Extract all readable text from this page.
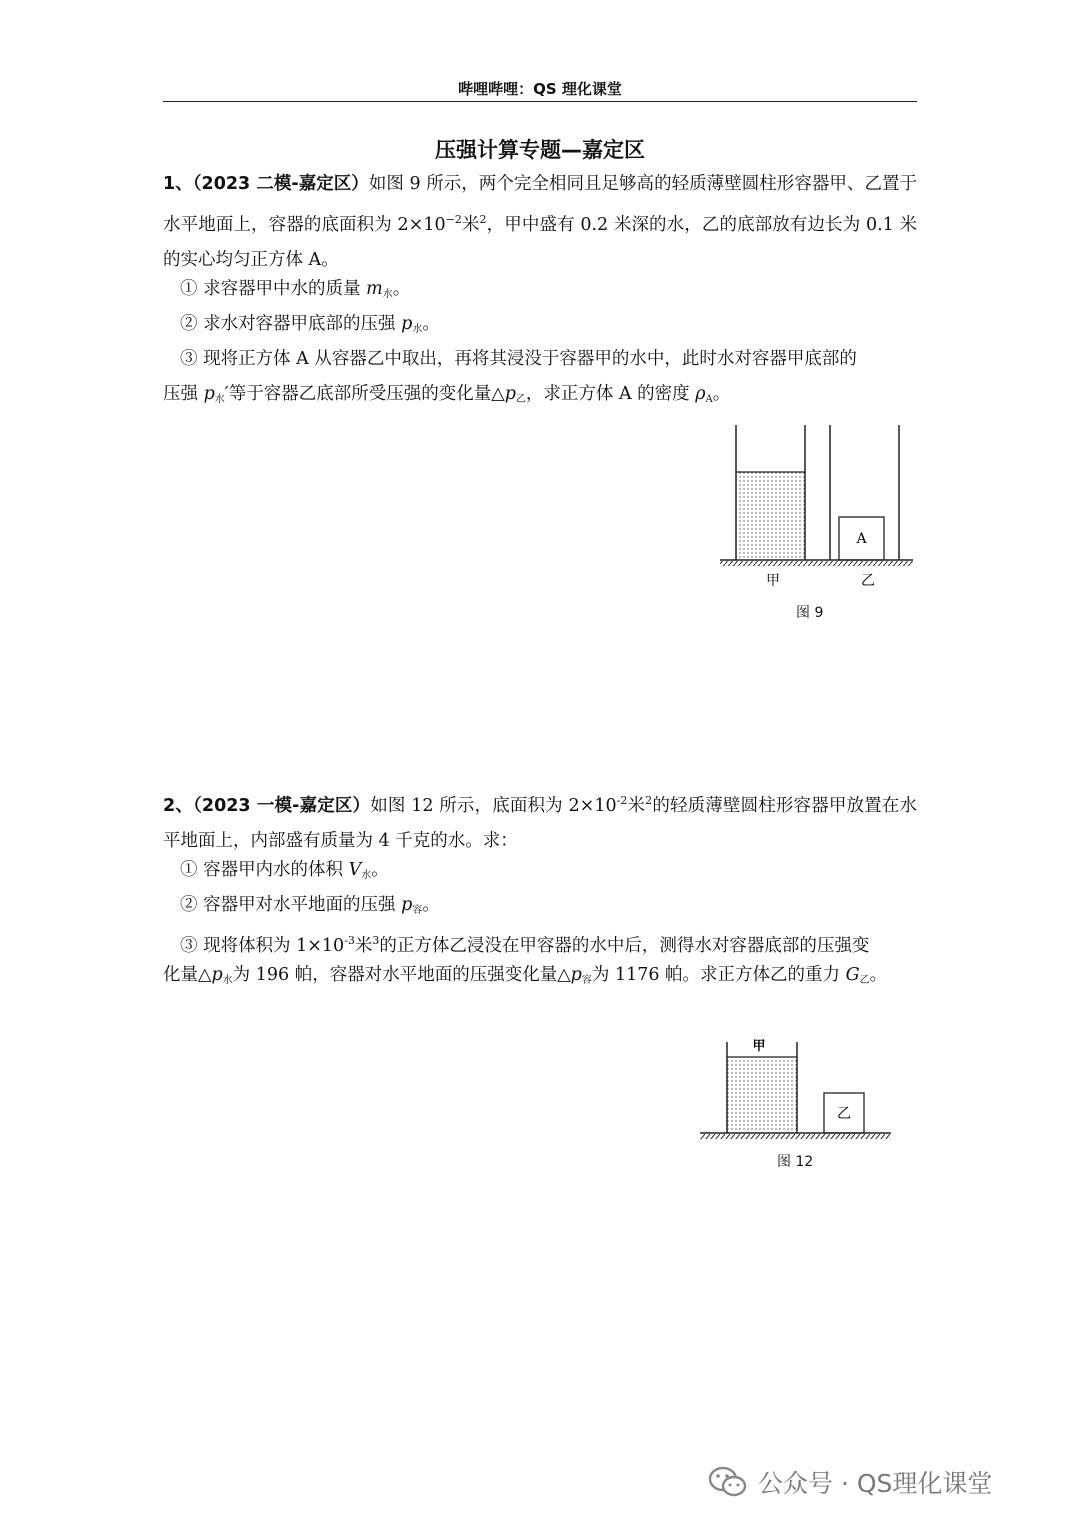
哔哩哔哩：QS 理化课堂
压强计算专题—嘉定区
1、（2023 二模-嘉定区）如图 9 所示，两个完全相同且足够高的轻质薄壁圆柱形容器甲、乙置于水平地面上，容器的底面积为 $2\times 10^{-2}$米$^2$，甲中盛有 0.2 米深的水，乙的底部放有边长为 0.1 米的实心均匀正方体 A。
① 求容器甲中水的质量 m水。
② 求水对容器甲底部的压强 p水。
③ 现将正方体 A 从容器乙中取出，再将其浸没于容器甲的水中，此时水对容器甲底部的
压强 p水′等于容器乙底部所受压强的变化量△p乙，求正方体 A 的密度 ρA。
A
甲	乙
图 9
2、（2023 一模-嘉定区）如图 12 所示，底面积为 $2\times 10^{-2}$米$^2$的轻质薄壁圆柱形容器甲放置在水平地面上，内部盛有质量为 4 千克的水。求：
① 容器甲内水的体积 V水。
② 容器甲对水平地面的压强 p容。
③ 现将体积为 $1\times 10^{-3}$米$^3$的正方体乙浸没在甲容器的水中后，测得水对容器底部的压强变
化量△p水为 196 帕，容器对水平地面的压强变化量△p容为 1176 帕。求正方体乙的重力 G乙。
甲
乙
图 12
公众号 · QS理化课堂
